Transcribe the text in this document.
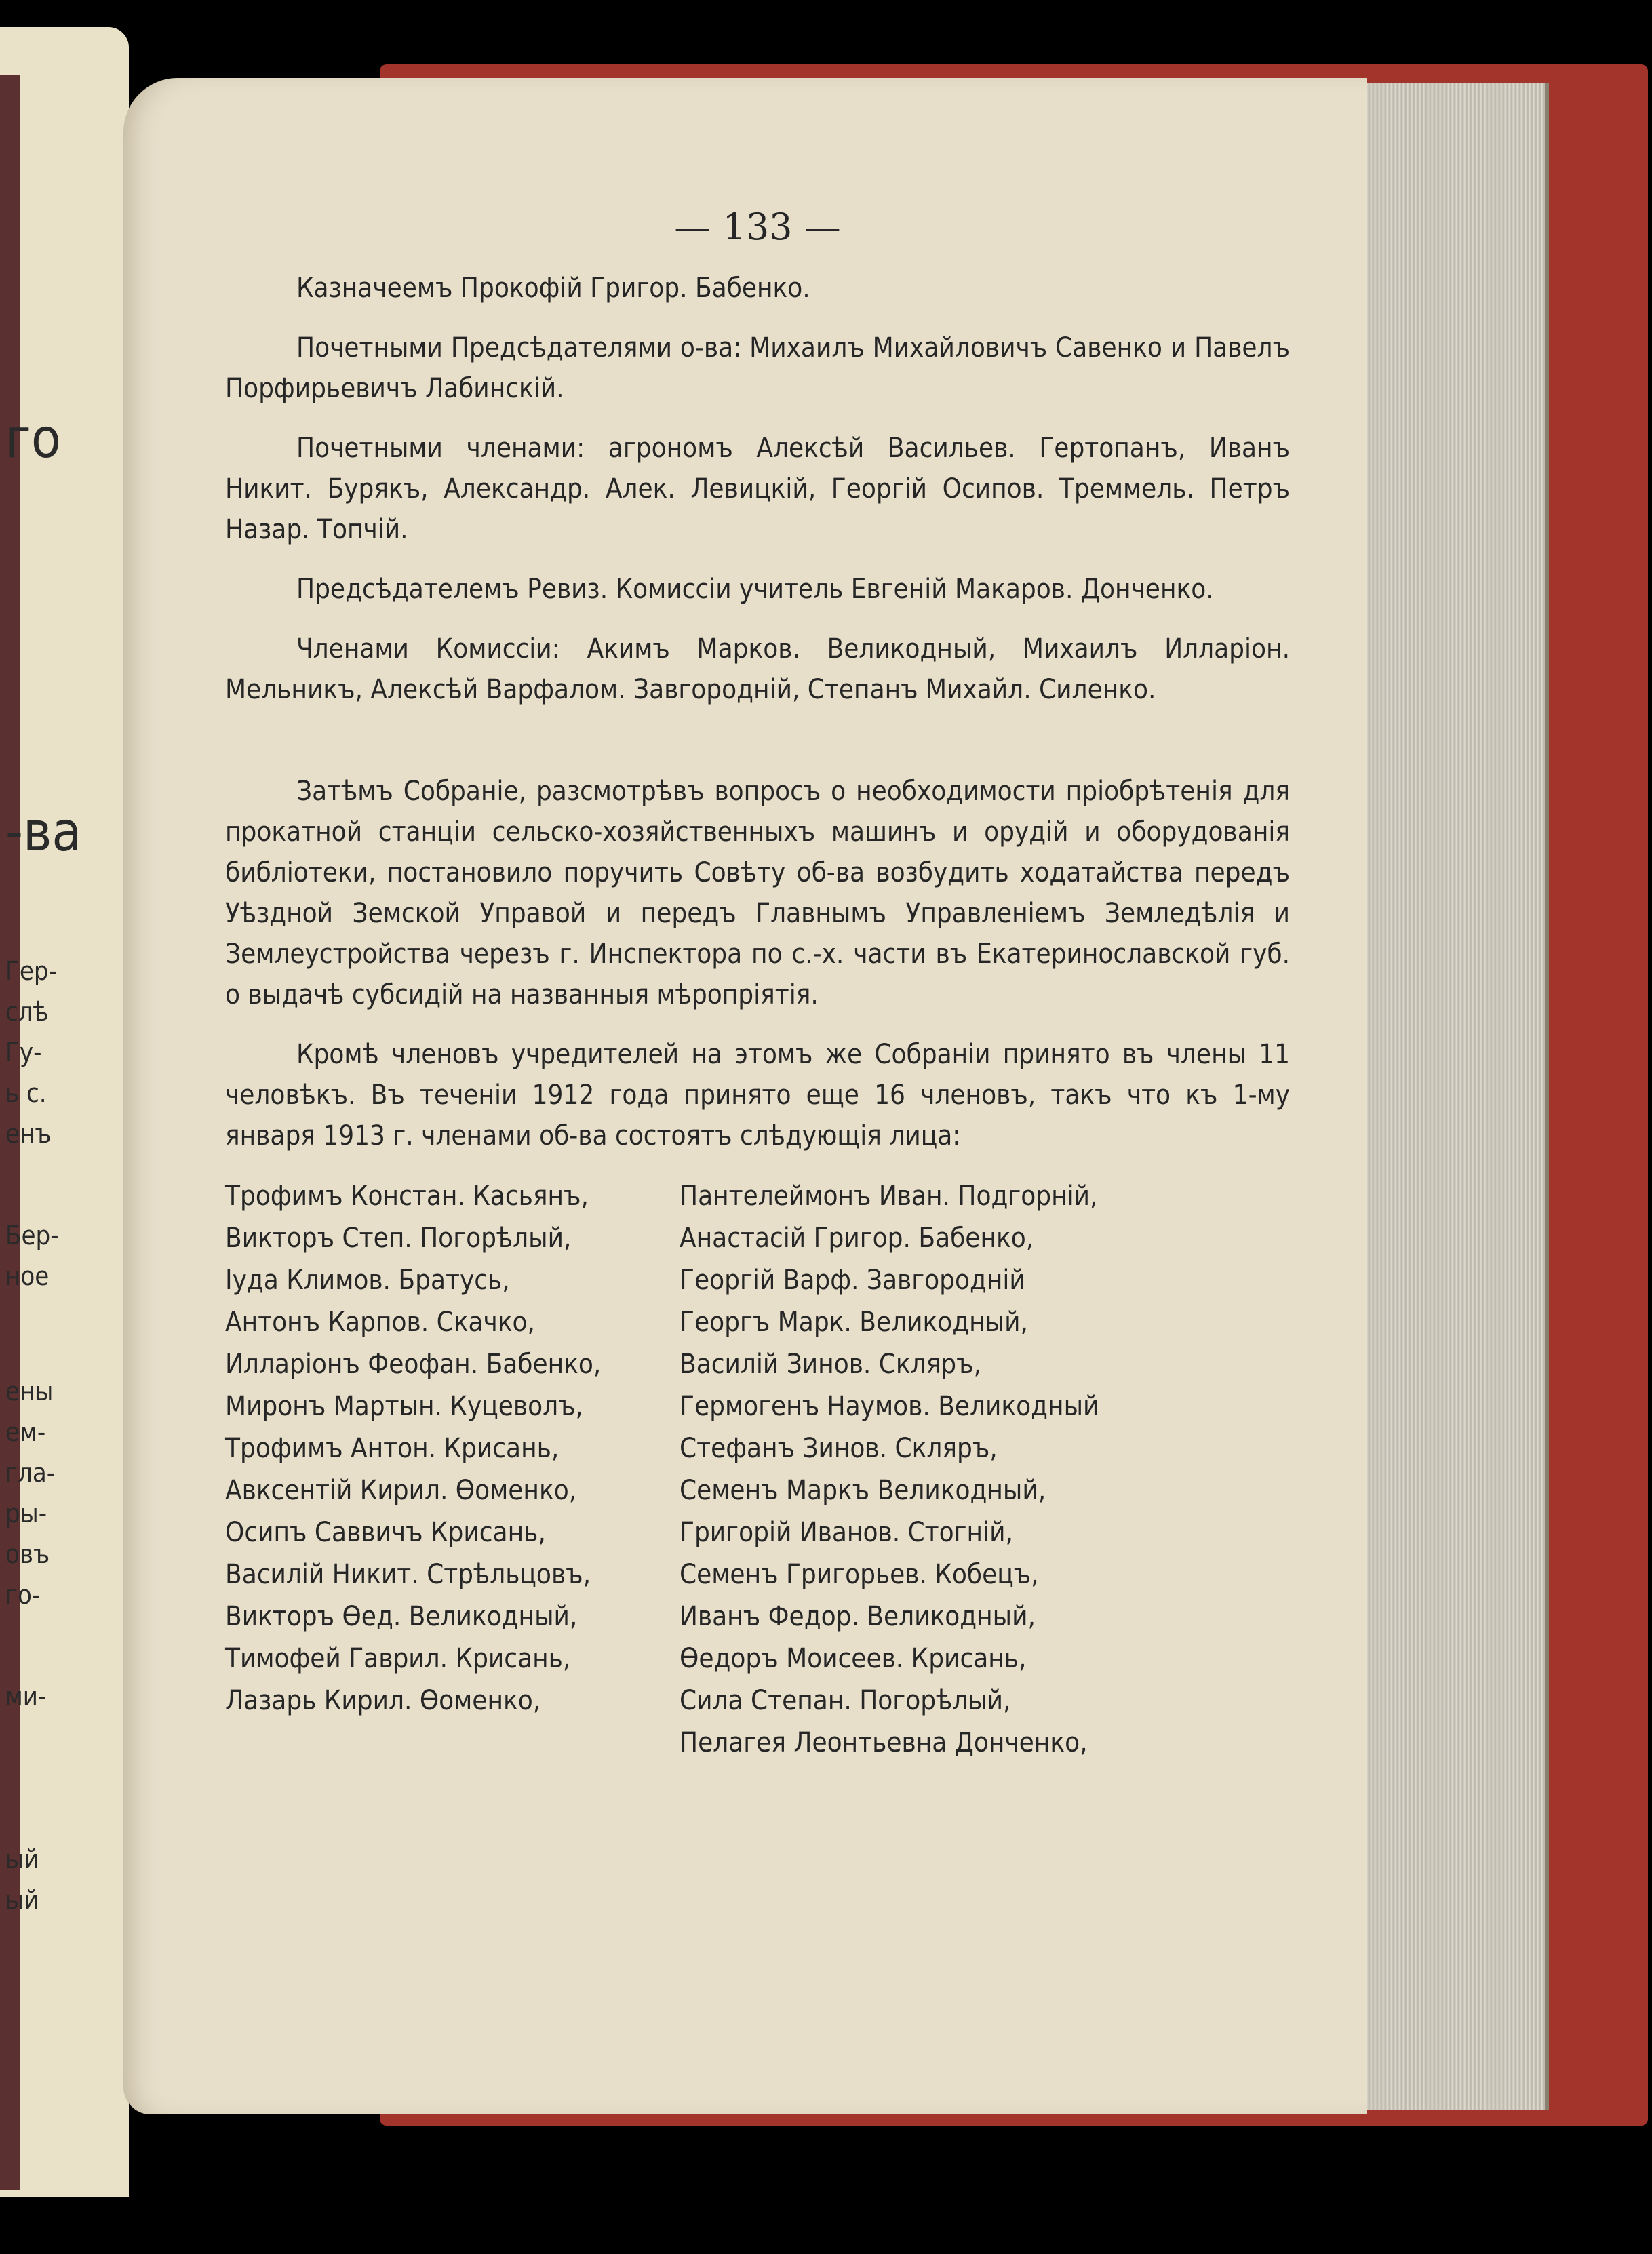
го
-ва
Гер-
слѣ
Гу-
ь с.
енъ
Бер-
ное
ены
ем-
гла-
ры-
овъ
го-
ми-
ый
ый
— 133 —

Казначеемъ Прокофій Григор. Бабенко.

Почетными Предсѣдателями о-ва: Михаилъ Михайловичъ Савенко и Павелъ Порфирьевичъ Лабинскій.

Почетными членами: агрономъ Алексѣй Васильев. Гертопанъ, Иванъ Никит. Бурякъ, Александр. Алек. Левицкій, Георгій Осипов. Треммель. Петръ Назар. Топчій.

Предсѣдателемъ Ревиз. Комиссіи учитель Евгеній Макаров. Донченко.

Членами Комиссіи: Акимъ Марков. Великодный, Михаилъ Илларіон. Мельникъ, Алексѣй Варфалом. Завгородній, Степанъ Михайл. Силенко.

Затѣмъ Собраніе, разсмотрѣвъ вопросъ о необходимости пріобрѣтенія для прокатной станціи сельско-хозяйственныхъ машинъ и орудій и оборудованія библіотеки, постановило поручить Совѣту об-ва возбудить ходатайства передъ Уѣздной Земской Управой и передъ Главнымъ Управленіемъ Земледѣлія и Землеустройства черезъ г. Инспектора по с.-х. части въ Екатеринославской губ. о выдачѣ субсидій на названныя мѣропріятія.

Кромѣ членовъ учредителей на этомъ же Собраніи принято въ члены 11 человѣкъ. Въ теченіи 1912 года принято еще 16 членовъ, такъ что къ 1-му января 1913 г. членами об-ва состоятъ слѣдующія лица:

Трофимъ Констан. Касьянъ,
Викторъ Степ. Погорѣлый,
Іуда Климов. Братусь,
Антонъ Карпов. Скачко,
Илларіонъ Феофан. Бабенко,
Миронъ Мартын. Куцеволъ,
Трофимъ Антон. Крисань,
Авксентій Кирил. Ѳоменко,
Осипъ Саввичъ Крисань,
Василій Никит. Стрѣльцовъ,
Викторъ Ѳед. Великодный,
Тимофей Гаврил. Крисань,
Лазарь Кирил. Ѳоменко,
Пантелеймонъ Иван. Подгорній,
Анастасій Григор. Бабенко,
Георгій Варф. Завгородній
Георгъ Марк. Великодный,
Василій Зинов. Скляръ,
Гермогенъ Наумов. Великодный
Стефанъ Зинов. Скляръ,
Семенъ Маркъ Великодный,
Григорій Иванов. Стогній,
Семенъ Григорьев. Кобецъ,
Иванъ Федор. Великодный,
Ѳедоръ Моисеев. Крисань,
Сила Степан. Погорѣлый,
Пелагея Леонтьевна Донченко,
